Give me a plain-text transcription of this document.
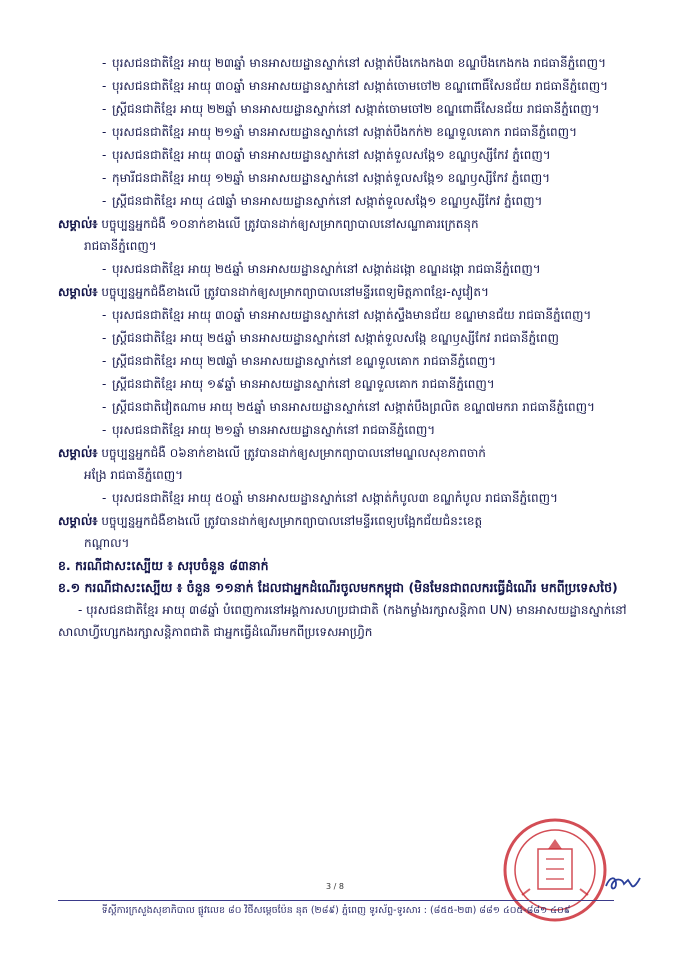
- បុរសជនជាតិខ្មែរ អាយុ ២៣ឆ្នាំ មានអាសយដ្ឋានស្នាក់នៅ សង្កាត់បឹងកេងកង៣ ខណ្ឌបឹងកេងកង រាជធានីភ្នំពេញ។
- បុរសជនជាតិខ្មែរ អាយុ ៣០ឆ្នាំ មានអាសយដ្ឋានស្នាក់នៅ សង្កាត់ចោមចៅ២ ខណ្ឌពោធិ៍សែនជ័យ រាជធានីភ្នំពេញ។
- ស្ត្រីជនជាតិខ្មែរ អាយុ ២២ឆ្នាំ មានអាសយដ្ឋានស្នាក់នៅ សង្កាត់ចោមចៅ២ ខណ្ឌពោធិ៍សែនជ័យ រាជធានីភ្នំពេញ។
- បុរសជនជាតិខ្មែរ អាយុ ២១ឆ្នាំ មានអាសយដ្ឋានស្នាក់នៅ សង្កាត់បឹងកក់២ ខណ្ឌទួលគោក រាជធានីភ្នំពេញ។
- បុរសជនជាតិខ្មែរ អាយុ ៣០ឆ្នាំ មានអាសយដ្ឋានស្នាក់នៅ សង្កាត់ទួលសង្កែ១ ខណ្ឌឫស្សីកែវ ភ្នំពេញ។
- កុមារីជនជាតិខ្មែរ អាយុ ១២ឆ្នាំ មានអាសយដ្ឋានស្នាក់នៅ សង្កាត់ទួលសង្កែ១ ខណ្ឌឫស្សីកែវ ភ្នំពេញ។
- ស្ត្រីជនជាតិខ្មែរ អាយុ ៤៧ឆ្នាំ មានអាសយដ្ឋានស្នាក់នៅ សង្កាត់ទួលសង្កែ១ ខណ្ឌឫស្សីកែវ ភ្នំពេញ។
សម្គាល់៖ បច្ចុប្បន្នអ្នកជំងឺ ១០នាក់ខាងលើ ត្រូវបានដាក់ឲ្យសម្រាកព្យាបាលនៅសណ្ឋាគារក្រេតនុក
រាជធានីភ្នំពេញ។
- បុរសជនជាតិខ្មែរ អាយុ ២៥ឆ្នាំ មានអាសយដ្ឋានស្នាក់នៅ សង្កាត់ដង្កោ ខណ្ឌដង្កោ រាជធានីភ្នំពេញ។
សម្គាល់៖ បច្ចុប្បន្នអ្នកជំងឺខាងលើ ត្រូវបានដាក់ឲ្យសម្រាកព្យាបាលនៅមន្ទីរពេទ្យមិត្តភាពខ្មែរ-សូវៀត។
- បុរសជនជាតិខ្មែរ អាយុ ៣០ឆ្នាំ មានអាសយដ្ឋានស្នាក់នៅ សង្កាត់ស្ទឹងមានជ័យ ខណ្ឌមានជ័យ រាជធានីភ្នំពេញ។
- ស្ត្រីជនជាតិខ្មែរ អាយុ ២៥ឆ្នាំ មានអាសយដ្ឋានស្នាក់នៅ សង្កាត់ទួលសង្កែ ខណ្ឌឫស្សីកែវ រាជធានីភ្នំពេញ
- ស្ត្រីជនជាតិខ្មែរ អាយុ ២៧ឆ្នាំ មានអាសយដ្ឋានស្នាក់នៅ ខណ្ឌទួលគោក រាជធានីភ្នំពេញ។
- ស្ត្រីជនជាតិខ្មែរ អាយុ ១៩ឆ្នាំ មានអាសយដ្ឋានស្នាក់នៅ ខណ្ឌទួលគោក រាជធានីភ្នំពេញ។
- ស្ត្រីជនជាតិវៀតណាម អាយុ ២៥ឆ្នាំ មានអាសយដ្ឋានស្នាក់នៅ សង្កាត់បឹងព្រលិត ខណ្ឌ៧មករា រាជធានីភ្នំពេញ។
- បុរសជនជាតិខ្មែរ អាយុ ២១ឆ្នាំ មានអាសយដ្ឋានស្នាក់នៅ រាជធានីភ្នំពេញ។
សម្គាល់៖ បច្ចុប្បន្នអ្នកជំងឺ ០៦នាក់ខាងលើ ត្រូវបានដាក់ឲ្យសម្រាកព្យាបាលនៅមណ្ឌលសុខភាពចាក់
អង្រែ រាជធានីភ្នំពេញ។
- បុរសជនជាតិខ្មែរ អាយុ ៥០ឆ្នាំ មានអាសយដ្ឋានស្នាក់នៅ សង្កាត់កំបូល៣ ខណ្ឌកំបូល រាជធានីភ្នំពេញ។
សម្គាល់៖ បច្ចុប្បន្នអ្នកជំងឺខាងលើ ត្រូវបានដាក់ឲ្យសម្រាកព្យាបាលនៅមន្ទីរពេទ្យបង្អែកជ័យជំនះខេត្ត
កណ្តាល។
ខ. ករណីជាសះស្បើយ ៖ សរុបចំនួន ៨៣នាក់
ខ.១ ករណីជាសះស្បើយ ៖ ចំនួន ១១នាក់ ដែលជាអ្នកដំណើរចូលមកកម្ពុជា (មិនមែនជាពលករធ្វើដំណើរ មកពីប្រទេសថៃ)
- បុរសជនជាតិខ្មែរ អាយុ ៣៨ឆ្នាំ បំពេញការនៅអង្គការសហប្រជាជាតិ (កងកម្លាំងរក្សាសន្តិភាព UN) មានអាសយដ្ឋានស្នាក់នៅសាលាហ្វីហ្សេកងរក្សាសន្តិភាពជាតិ ជាអ្នកធ្វើដំណើរមកពីប្រទេសអាហ្វ្រិក
3 / 8
ទីស្តីការក្រសួងសុខាភិបាល ផ្លូវលេខ ៨០ វិថីសម្តេចប៉ែន នុត (២៨៩) ភ្នំពេញ ទូរស័ព្ទ-ទូរសារ : (៨៥៥-២៣) ៨៨១ ៤០៥-៨៨១ ៤០៩
